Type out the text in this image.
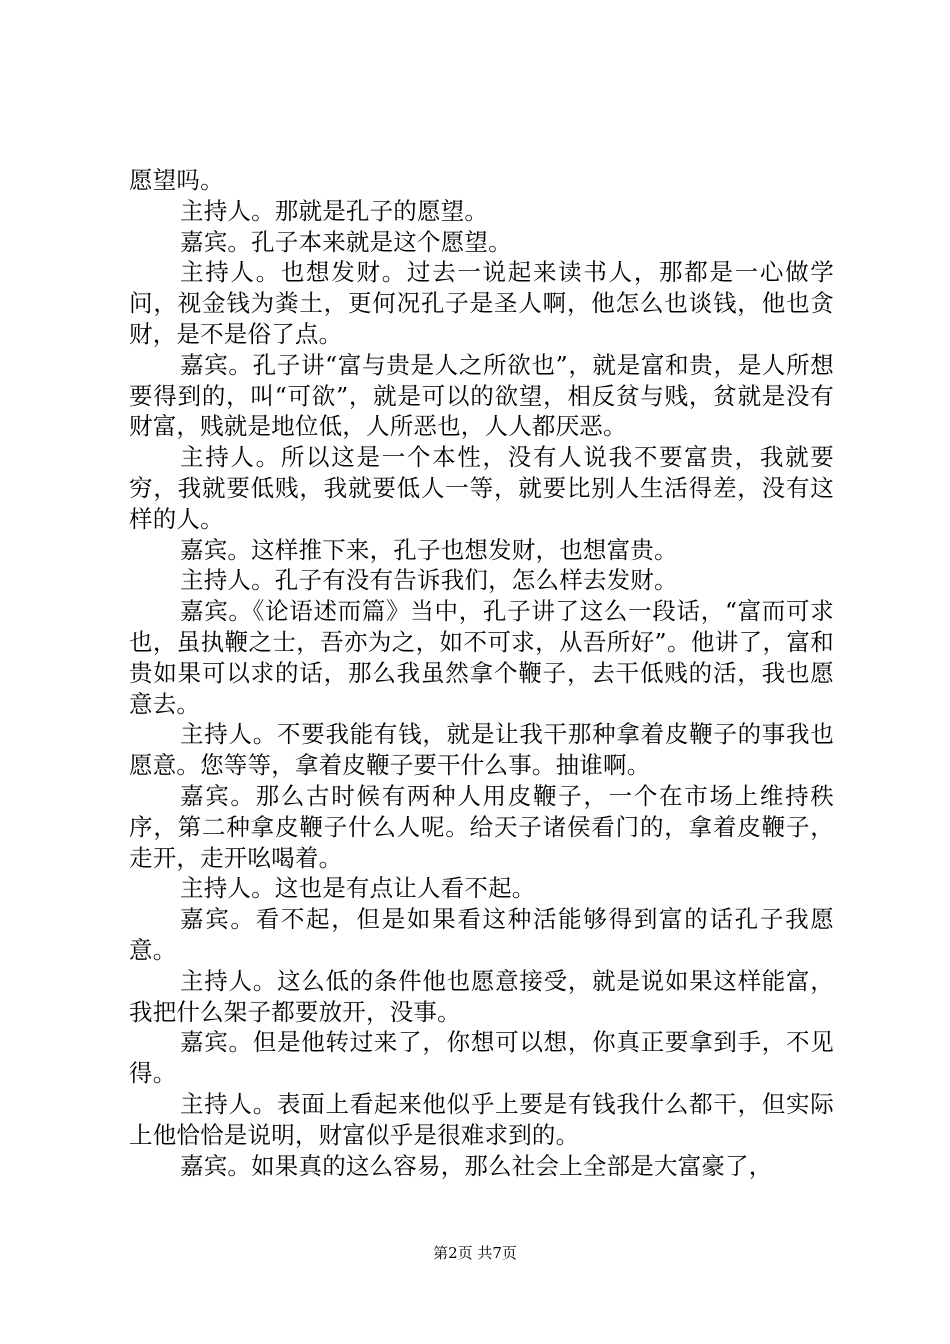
愿望吗。

主持人。那就是孔子的愿望。

嘉宾。孔子本来就是这个愿望。

主持人。也想发财。过去一说起来读书人，那都是一心做学问，视金钱为粪土，更何况孔子是圣人啊，他怎么也谈钱，他也贪财，是不是俗了点。

嘉宾。孔子讲“富与贵是人之所欲也”，就是富和贵，是人所想要得到的，叫“可欲”，就是可以的欲望，相反贫与贱，贫就是没有财富，贱就是地位低，人所恶也，人人都厌恶。

主持人。所以这是一个本性，没有人说我不要富贵，我就要穷，我就要低贱，我就要低人一等，就要比别人生活得差，没有这样的人。

嘉宾。这样推下来，孔子也想发财，也想富贵。

主持人。孔子有没有告诉我们，怎么样去发财。

嘉宾。《论语述而篇》当中，孔子讲了这么一段话，“富而可求也，虽执鞭之士，吾亦为之，如不可求，从吾所好”。他讲了，富和贵如果可以求的话，那么我虽然拿个鞭子，去干低贱的活，我也愿意去。

主持人。不要我能有钱，就是让我干那种拿着皮鞭子的事我也愿意。您等等，拿着皮鞭子要干什么事。抽谁啊。

嘉宾。那么古时候有两种人用皮鞭子，一个在市场上维持秩序，第二种拿皮鞭子什么人呢。给天子诸侯看门的，拿着皮鞭子，走开，走开吆喝着。

主持人。这也是有点让人看不起。

嘉宾。看不起，但是如果看这种活能够得到富的话孔子我愿意。

主持人。这么低的条件他也愿意接受，就是说如果这样能富，我把什么架子都要放开，没事。

嘉宾。但是他转过来了，你想可以想，你真正要拿到手，不见得。

主持人。表面上看起来他似乎上要是有钱我什么都干，但实际上他恰恰是说明，财富似乎是很难求到的。

嘉宾。如果真的这么容易，那么社会上全部是大富豪了，

第2页 共7页
